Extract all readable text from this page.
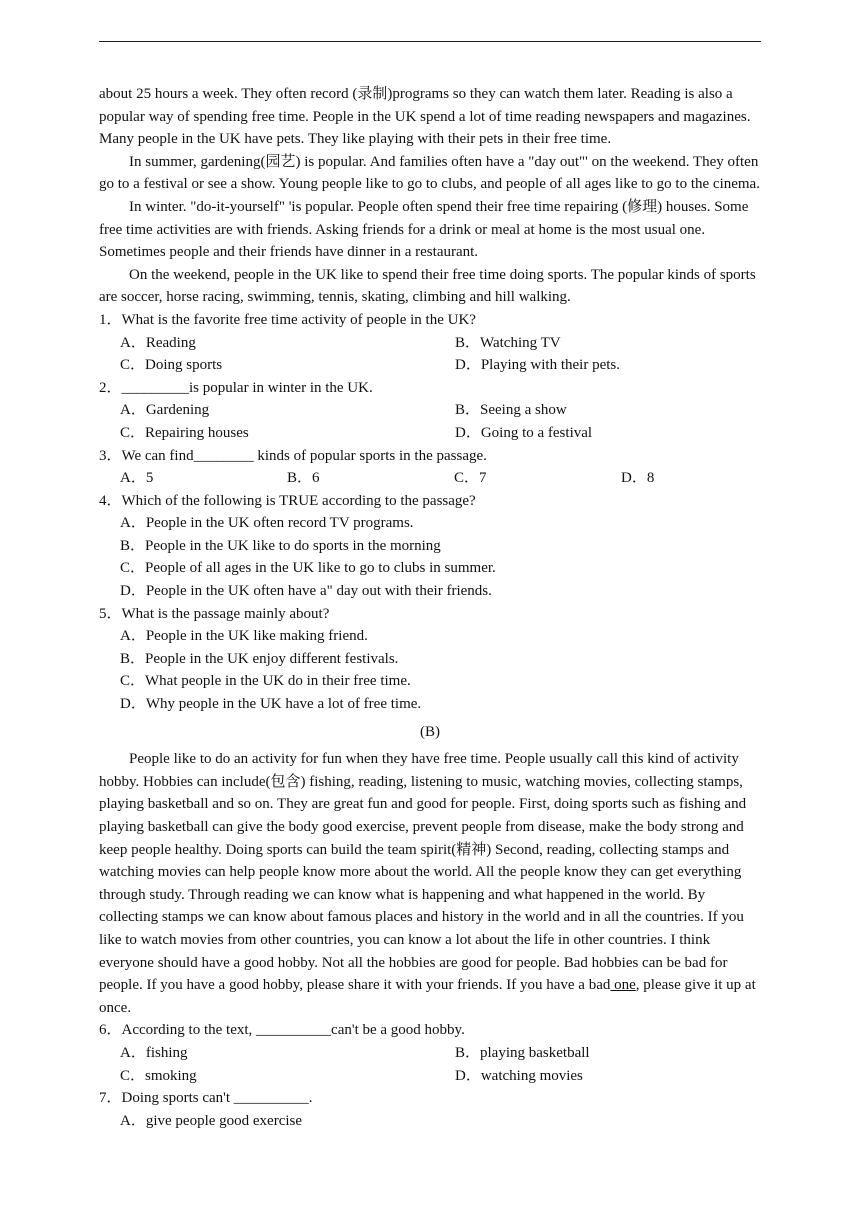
about 25 hours a week. They often record (录制)programs so they can watch them later. Reading is also a popular way of spending free time. People in the UK spend a lot of time reading newspapers and magazines. Many people in the UK have pets. They like playing with their pets in their free time.

In summer, gardening(园艺) is popular. And families often have a "day out"' on the weekend. They often go to a festival or see a show. Young people like to go to clubs, and people of all ages like to go to the cinema.

In winter. "do-it-yourself" 'is popular. People often spend their free time repairing (修理) houses. Some free time activities are with friends. Asking friends for a drink or meal at home is the most usual one. Sometimes people and their friends have dinner in a restaurant.

On the weekend, people in the UK like to spend their free time doing sports. The popular kinds of sports are soccer, horse racing, swimming, tennis, skating, climbing and hill walking.

1．What is the favorite free time activity of people in the UK?

A．Reading	B．Watching TV
C．Doing sports	D．Playing with their pets.

2．_________is popular in winter in the UK.

A．Gardening	B．Seeing a show
C．Repairing houses	D．Going to a festival

3．We can find________ kinds of popular sports in the passage.

A．5	B．6	C．7	D．8

4．Which of the following is TRUE according to the passage?

A．People in the UK often record TV programs.

B．People in the UK like to do sports in the morning

C．People of all ages in the UK like to go to clubs in summer.

D．People in the UK often have a" day out with their friends.

5．What is the passage mainly about?

A．People in the UK like making friend.

B．People in the UK enjoy different festivals.

C．What people in the UK do in their free time.

D．Why people in the UK have a lot of free time.

(B)

People like to do an activity for fun when they have free time. People usually call this kind of activity hobby. Hobbies can include(包含) fishing, reading, listening to music, watching movies, collecting stamps, playing basketball and so on. They are great fun and good for people. First, doing sports such as fishing and playing basketball can give the body good exercise, prevent people from disease, make the body strong and keep people healthy. Doing sports can build the team spirit(精神) Second, reading, collecting stamps and watching movies can help people know more about the world. All the people know they can get everything through study. Through reading we can know what is happening and what happened in the world. By collecting stamps we can know about famous places and history in the world and in all the countries. If you like to watch movies from other countries, you can know a lot about the life in other countries. I think everyone should have a good hobby. Not all the hobbies are good for people. Bad hobbies can be bad for people. If you have a good hobby, please share it with your friends. If you have a bad one, please give it up at once.

6．According to the text, __________can't be a good hobby.

A．fishing	B．playing basketball
C．smoking	D．watching movies

7．Doing sports can't __________.

A．give people good exercise
